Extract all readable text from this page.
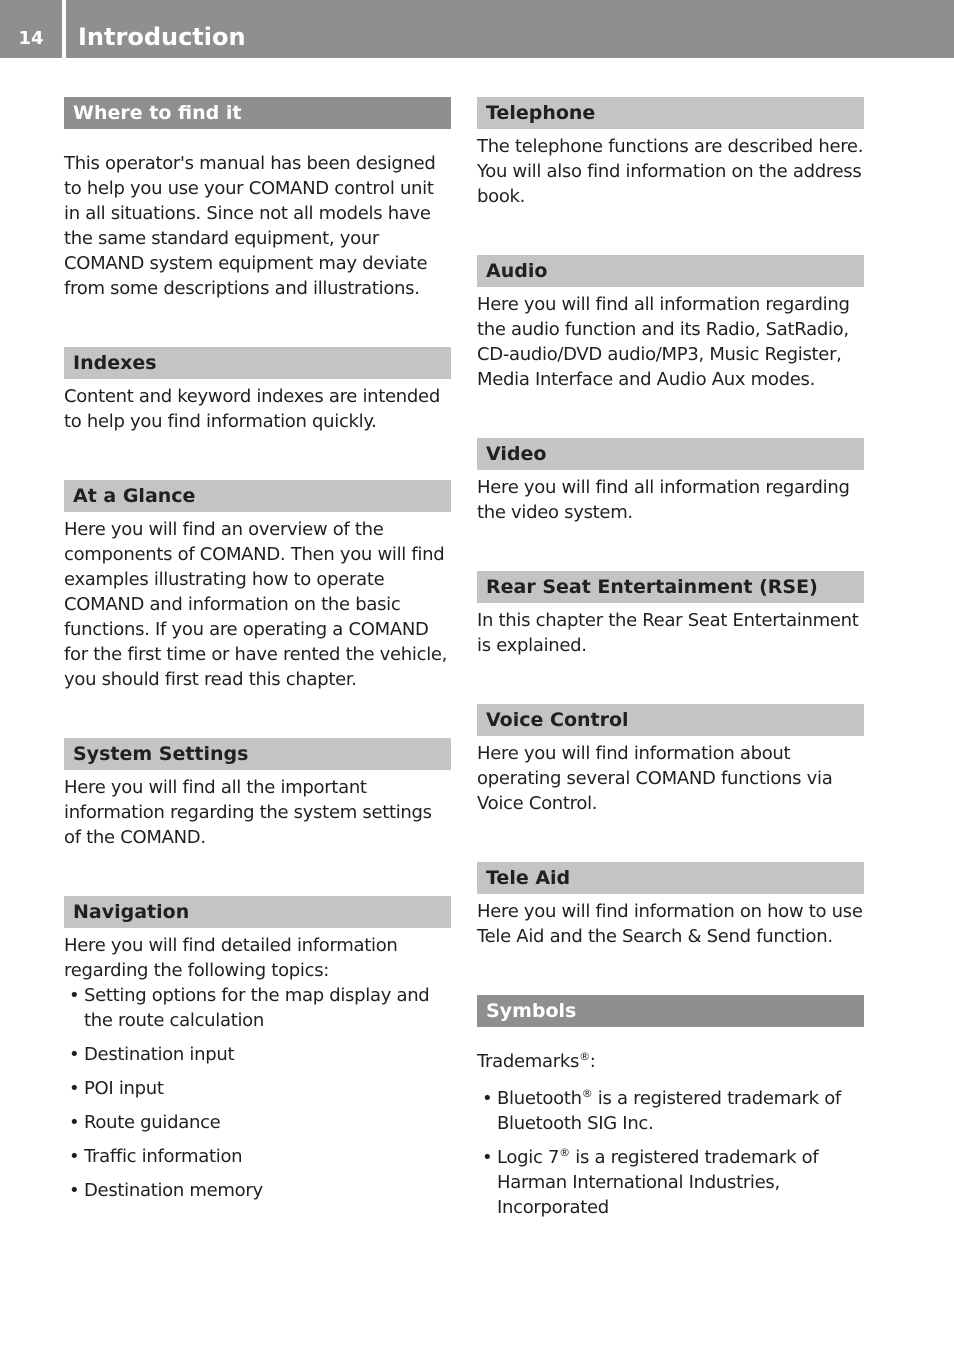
14	Introduction
Where to find it
This operator's manual has been designed to help you use your COMAND control unit in all situations. Since not all models have the same standard equipment, your COMAND system equipment may deviate from some descriptions and illustrations.
Indexes
Content and keyword indexes are intended to help you find information quickly.
At a Glance
Here you will find an overview of the components of COMAND. Then you will find examples illustrating how to operate COMAND and information on the basic functions. If you are operating a COMAND for the first time or have rented the vehicle, you should first read this chapter.
System Settings
Here you will find all the important information regarding the system settings of the COMAND.
Navigation
Here you will find detailed information regarding the following topics:
• Setting options for the map display and the route calculation
• Destination input
• POI input
• Route guidance
• Traffic information
• Destination memory
Telephone
The telephone functions are described here. You will also find information on the address book.
Audio
Here you will find all information regarding the audio function and its Radio, SatRadio, CD-audio/DVD audio/MP3, Music Register, Media Interface and Audio Aux modes.
Video
Here you will find all information regarding the video system.
Rear Seat Entertainment (RSE)
In this chapter the Rear Seat Entertainment is explained.
Voice Control
Here you will find information about operating several COMAND functions via Voice Control.
Tele Aid
Here you will find information on how to use Tele Aid and the Search & Send function.
Symbols
Trademarks®:
• Bluetooth® is a registered trademark of Bluetooth SIG Inc.
• Logic 7® is a registered trademark of Harman International Industries, Incorporated
